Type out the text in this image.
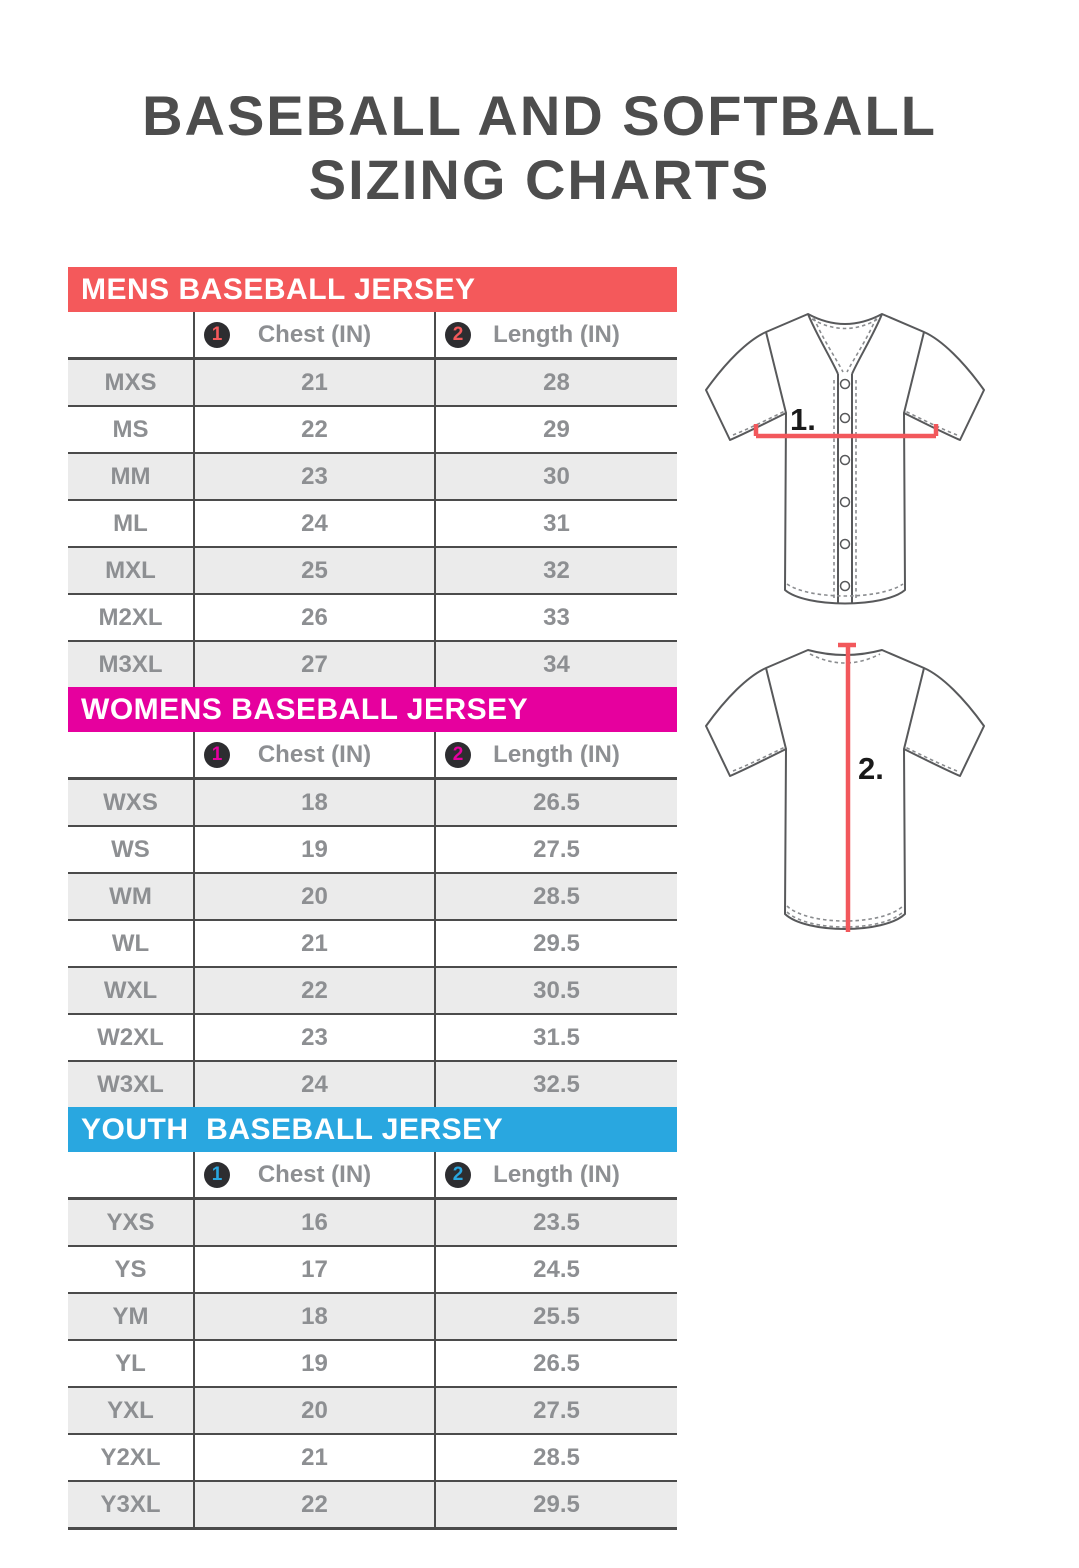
BASEBALL AND SOFTBALL
SIZING CHARTS
MENS BASEBALL JERSEY

1 Chest (IN)	2 Length (IN)
MXS	21	28
MS	22	29
MM	23	30
ML	24	31
MXL	25	32
M2XL	26	33
M3XL	27	34
WOMENS BASEBALL JERSEY

1 Chest (IN)	2 Length (IN)
WXS	18	26.5
WS	19	27.5
WM	20	28.5
WL	21	29.5
WXL	22	30.5
W2XL	23	31.5
W3XL	24	32.5
YOUTH  BASEBALL JERSEY

1 Chest (IN)	2 Length (IN)
YXS	16	23.5
YS	17	24.5
YM	18	25.5
YL	19	26.5
YXL	20	27.5
Y2XL	21	28.5
Y3XL	22	29.5
1.
2.
